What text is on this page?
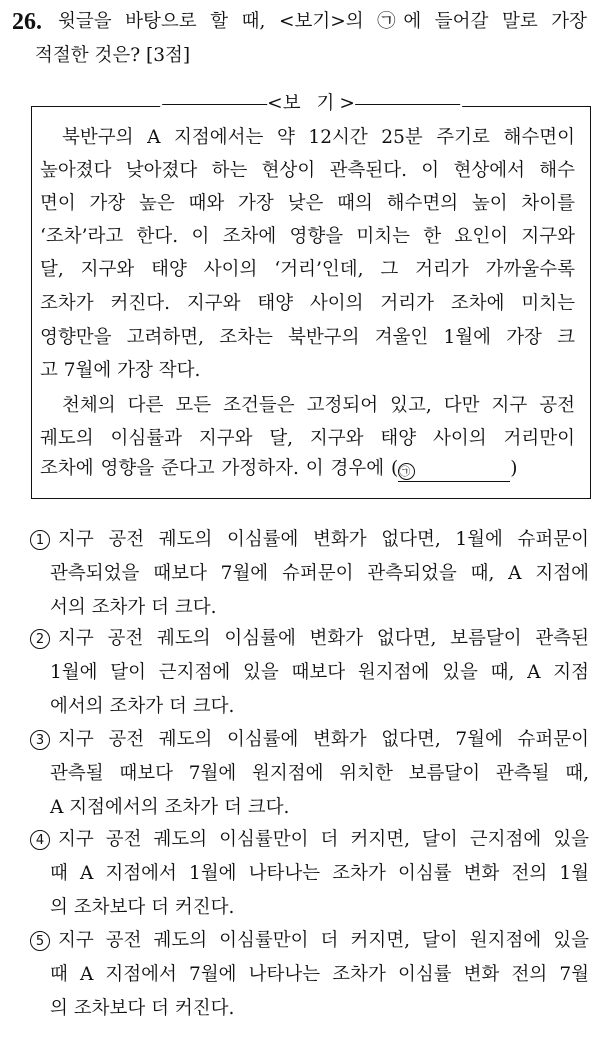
26. 윗글을 바탕으로 할 때, <보기>의 ㉠에 들어갈 말로 가장
적절한 것은? [3점]
<보 기>
북반구의 A 지점에서는 약 12시간 25분 주기로 해수면이
높아졌다 낮아졌다 하는 현상이 관측된다. 이 현상에서 해수
면이 가장 높은 때와 가장 낮은 때의 해수면의 높이 차이를
‘조차’라고 한다. 이 조차에 영향을 미치는 한 요인이 지구와
달, 지구와 태양 사이의 ‘거리’인데, 그 거리가 가까울수록
조차가 커진다. 지구와 태양 사이의 거리가 조차에 미치는
영향만을 고려하면, 조차는 북반구의 겨울인 1월에 가장 크
고 7월에 가장 작다.
천체의 다른 모든 조건들은 고정되어 있고, 다만 지구 공전
궤도의 이심률과 지구와 달, 지구와 태양 사이의 거리만이
조차에 영향을 준다고 가정하자. 이 경우에 (㉠	)
1 지구 공전 궤도의 이심률에 변화가 없다면, 1월에 슈퍼문이
관측되었을 때보다 7월에 슈퍼문이 관측되었을 때, A 지점에
서의 조차가 더 크다.
2 지구 공전 궤도의 이심률에 변화가 없다면, 보름달이 관측된
1월에 달이 근지점에 있을 때보다 원지점에 있을 때, A 지점
에서의 조차가 더 크다.
3 지구 공전 궤도의 이심률에 변화가 없다면, 7월에 슈퍼문이
관측될 때보다 7월에 원지점에 위치한 보름달이 관측될 때,
A 지점에서의 조차가 더 크다.
4 지구 공전 궤도의 이심률만이 더 커지면, 달이 근지점에 있을
때 A 지점에서 1월에 나타나는 조차가 이심률 변화 전의 1월
의 조차보다 더 커진다.
5 지구 공전 궤도의 이심률만이 더 커지면, 달이 원지점에 있을
때 A 지점에서 7월에 나타나는 조차가 이심률 변화 전의 7월
의 조차보다 더 커진다.
